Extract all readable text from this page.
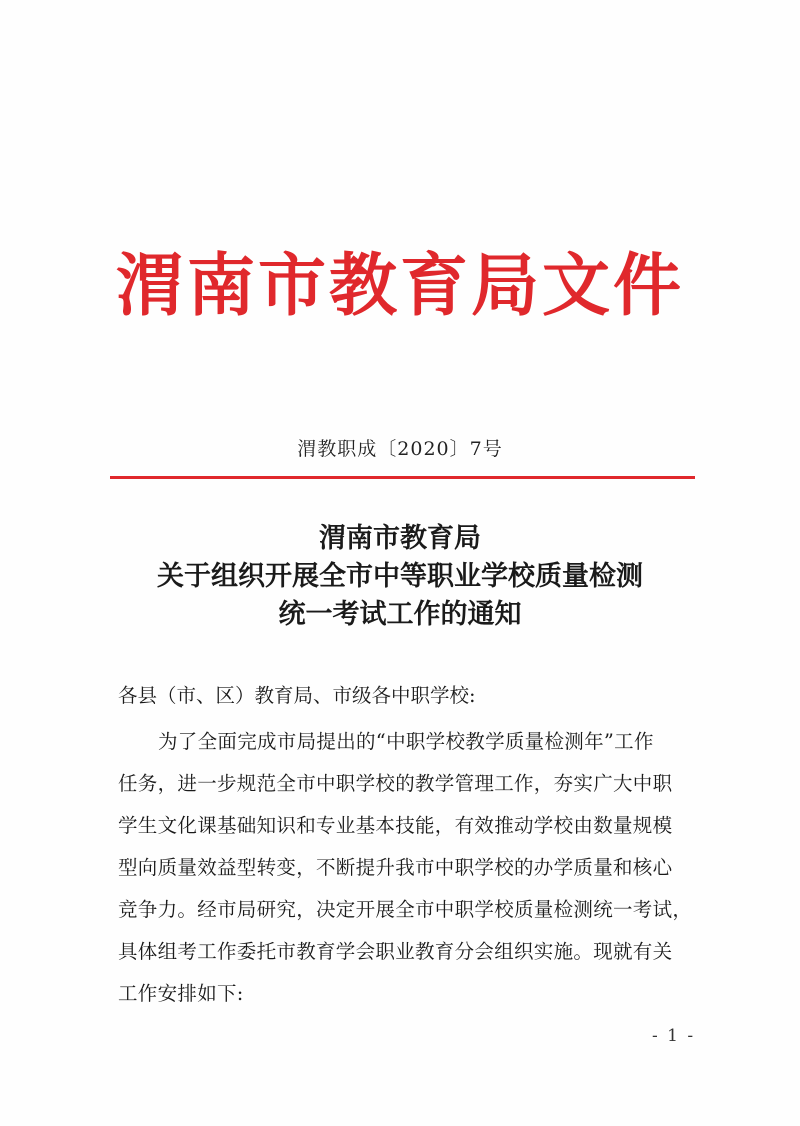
渭南市教育局文件
渭教职成〔2020〕7号
渭南市教育局
关于组织开展全市中等职业学校质量检测
统一考试工作的通知
各县（市、区）教育局、市级各中职学校:
为了全面完成市局提出的“中职学校教学质量检测年”工作
任务，进一步规范全市中职学校的教学管理工作，夯实广大中职
学生文化课基础知识和专业基本技能，有效推动学校由数量规模
型向质量效益型转变，不断提升我市中职学校的办学质量和核心
竞争力。经市局研究，决定开展全市中职学校质量检测统一考试，
具体组考工作委托市教育学会职业教育分会组织实施。现就有关
工作安排如下:
- 1 -
